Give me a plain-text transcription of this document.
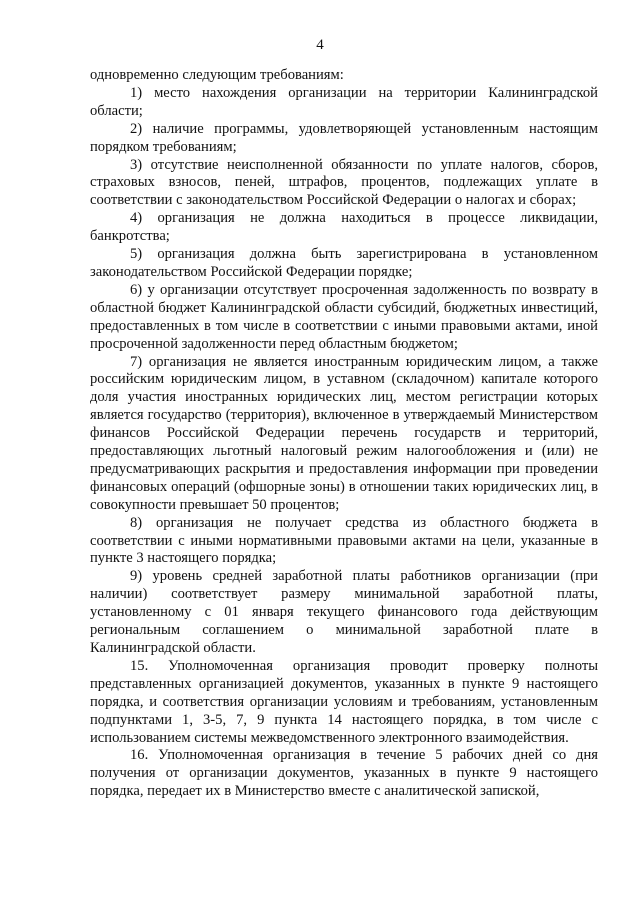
4

одновременно следующим требованиям:

1) место нахождения организации на территории Калининградской области;

2) наличие программы, удовлетворяющей установленным настоящим порядком требованиям;

3) отсутствие неисполненной обязанности по уплате налогов, сборов, страховых взносов, пеней, штрафов, процентов, подлежащих уплате в соответствии с законодательством Российской Федерации о налогах и сборах;

4) организация не должна находиться в процессе ликвидации, банкротства;

5) организация должна быть зарегистрирована в установленном законодательством Российской Федерации порядке;

6) у организации отсутствует просроченная задолженность по возврату в областной бюджет Калининградской области субсидий, бюджетных инвестиций, предоставленных в том числе в соответствии с иными правовыми актами, иной просроченной задолженности перед областным бюджетом;

7) организация не является иностранным юридическим лицом, а также российским юридическим лицом, в уставном (складочном) капитале которого доля участия иностранных юридических лиц, местом регистрации которых является государство (территория), включенное в утверждаемый Министерством финансов Российской Федерации перечень государств и территорий, предоставляющих льготный налоговый режим налогообложения и (или) не предусматривающих раскрытия и предоставления информации при проведении финансовых операций (офшорные зоны) в отношении таких юридических лиц, в совокупности превышает 50 процентов;

8) организация не получает средства из областного бюджета в соответствии с иными нормативными правовыми актами на цели, указанные в пункте 3 настоящего порядка;

9) уровень средней заработной платы работников организации (при наличии) соответствует размеру минимальной заработной платы, установленному с 01 января текущего финансового года действующим региональным соглашением о минимальной заработной плате в Калининградской области.

15. Уполномоченная организация проводит проверку полноты представленных организацией документов, указанных в пункте 9 настоящего порядка, и соответствия организации условиям и требованиям, установленным подпунктами 1, 3-5, 7, 9 пункта 14 настоящего порядка, в том числе с использованием системы межведомственного электронного взаимодействия.

16. Уполномоченная организация в течение 5 рабочих дней со дня получения от организации документов, указанных в пункте 9 настоящего порядка, передает их в Министерство вместе с аналитической запиской,
